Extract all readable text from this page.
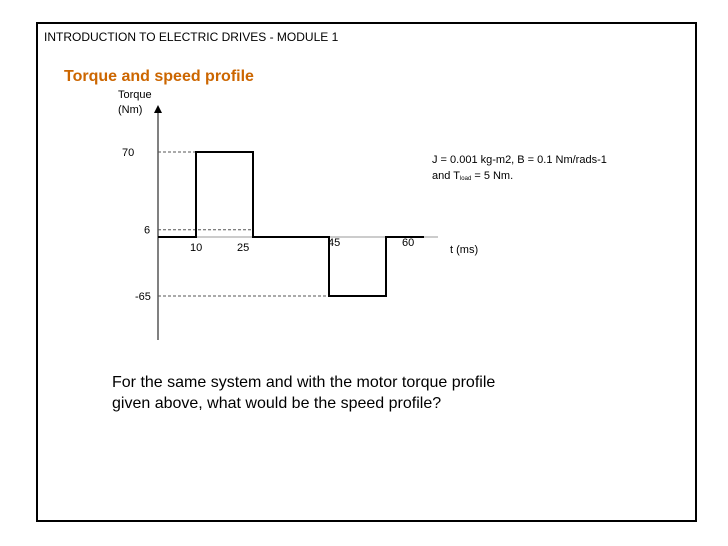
INTRODUCTION TO ELECTRIC DRIVES - MODULE 1
Torque and speed profile
J = 0.001 kg-m2, B = 0.1 Nm/rads-1
and Tload = 5 Nm.
For the same system and with the motor torque profile
given above, what would be the speed profile?
Torque
(Nm)
70
6
-65
10	25	45	60
t (ms)
